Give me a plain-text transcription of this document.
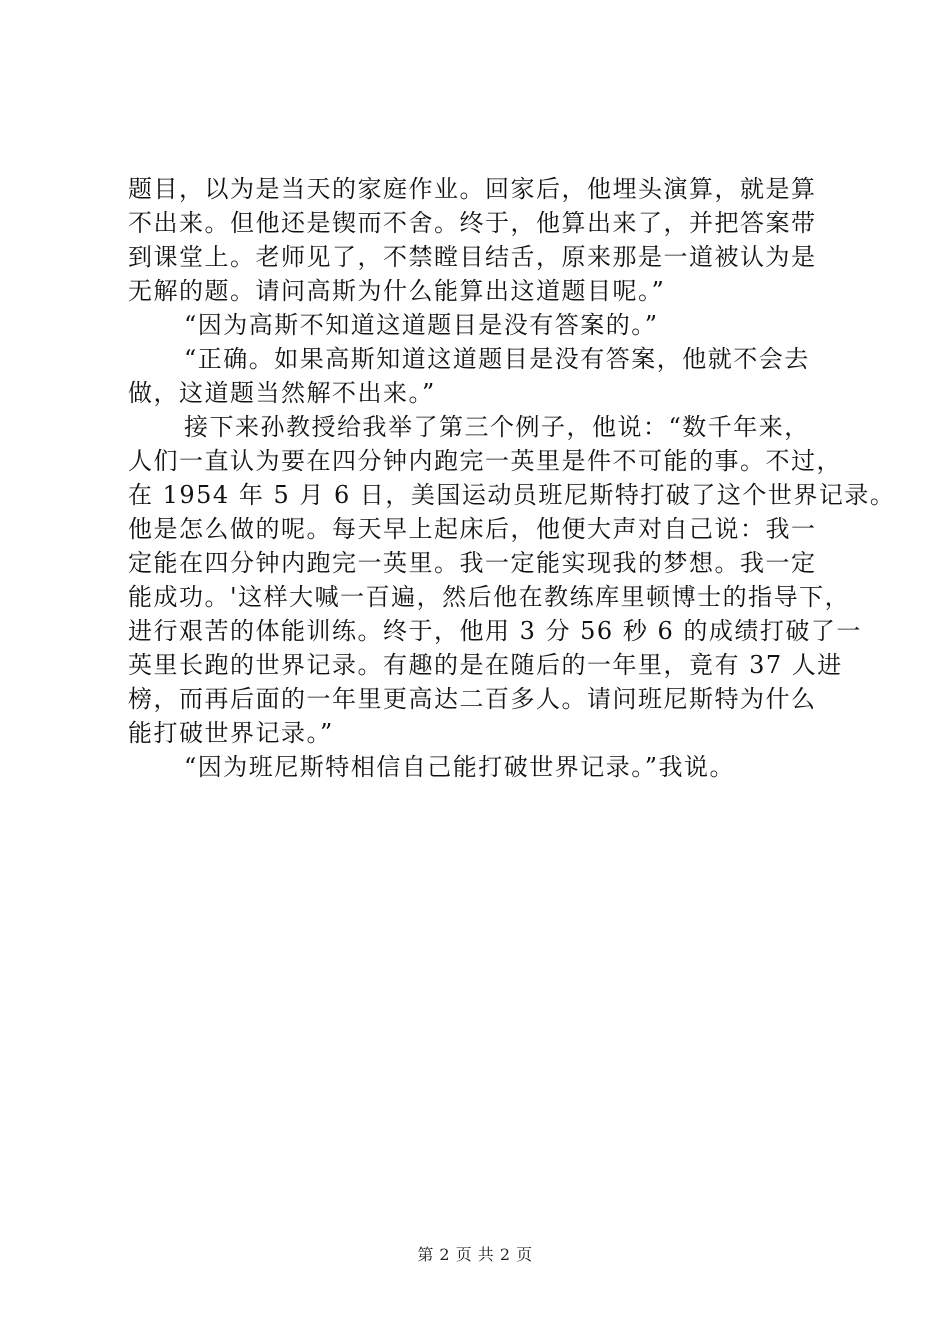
题目，以为是当天的家庭作业。回家后，他埋头演算，就是算
不出来。但他还是锲而不舍。终于，他算出来了，并把答案带
到课堂上。老师见了，不禁瞠目结舌，原来那是一道被认为是
无解的题。请问高斯为什么能算出这道题目呢。”
“因为高斯不知道这道题目是没有答案的。”
“正确。如果高斯知道这道题目是没有答案，他就不会去
做，这道题当然解不出来。”
接下来孙教授给我举了第三个例子，他说：“数千年来，
人们一直认为要在四分钟内跑完一英里是件不可能的事。不过，
在 1954 年 5 月 6 日，美国运动员班尼斯特打破了这个世界记录。
他是怎么做的呢。每天早上起床后，他便大声对自己说：我一
定能在四分钟内跑完一英里。我一定能实现我的梦想。我一定
能成功。'这样大喊一百遍，然后他在教练库里顿博士的指导下，
进行艰苦的体能训练。终于，他用 3 分 56 秒 6 的成绩打破了一
英里长跑的世界记录。有趣的是在随后的一年里，竟有 37 人进
榜，而再后面的一年里更高达二百多人。请问班尼斯特为什么
能打破世界记录。”
“因为班尼斯特相信自己能打破世界记录。”我说。
第 2 页 共 2 页
